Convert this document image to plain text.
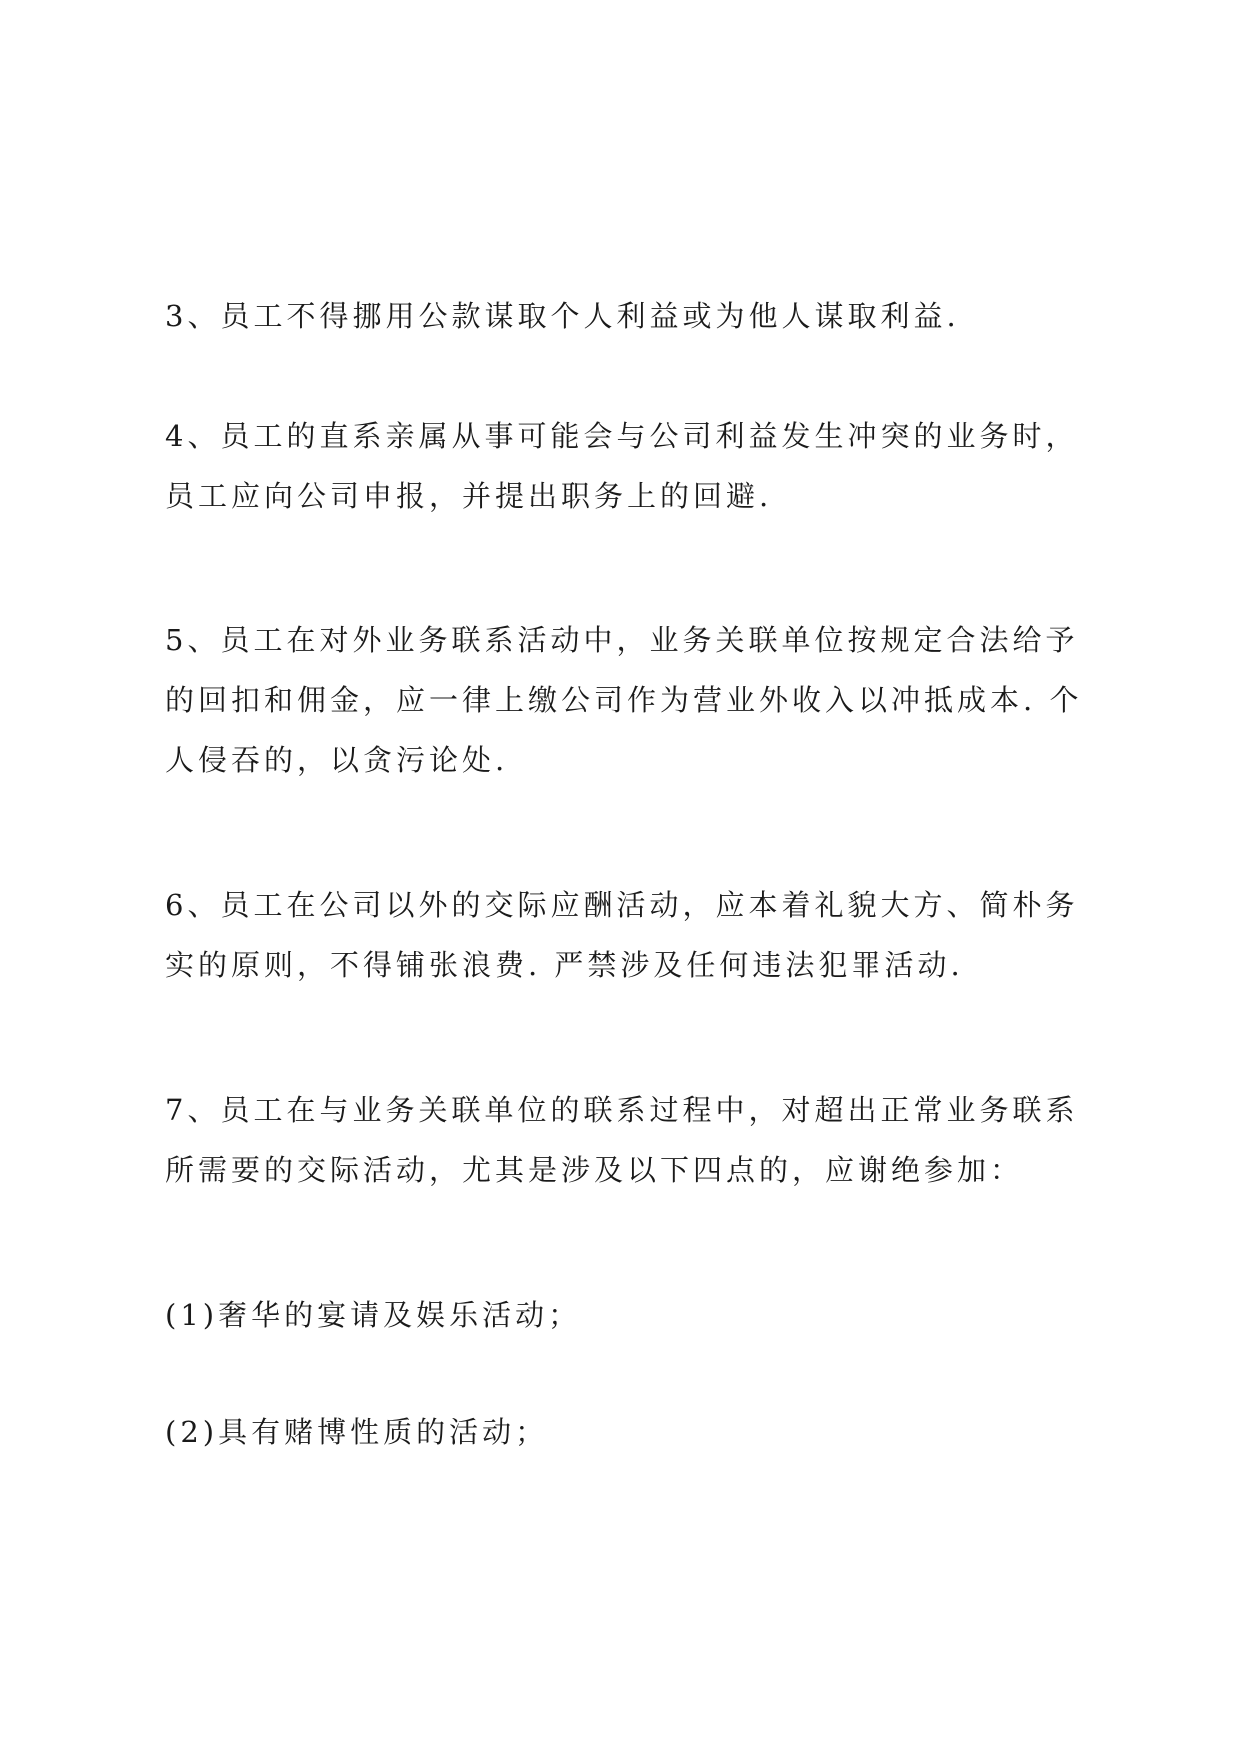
3、员工不得挪用公款谋取个人利益或为他人谋取利益.
4、员工的直系亲属从事可能会与公司利益发生冲突的业务时，
员工应向公司申报，并提出职务上的回避.
5、员工在对外业务联系活动中，业务关联单位按规定合法给予
的回扣和佣金，应一律上缴公司作为营业外收入以冲抵成本. 个
人侵吞的，以贪污论处.
6、员工在公司以外的交际应酬活动，应本着礼貌大方、简朴务
实的原则，不得铺张浪费. 严禁涉及任何违法犯罪活动.
7、员工在与业务关联单位的联系过程中，对超出正常业务联系
所需要的交际活动，尤其是涉及以下四点的，应谢绝参加：
(1)奢华的宴请及娱乐活动；
(2)具有赌博性质的活动；
